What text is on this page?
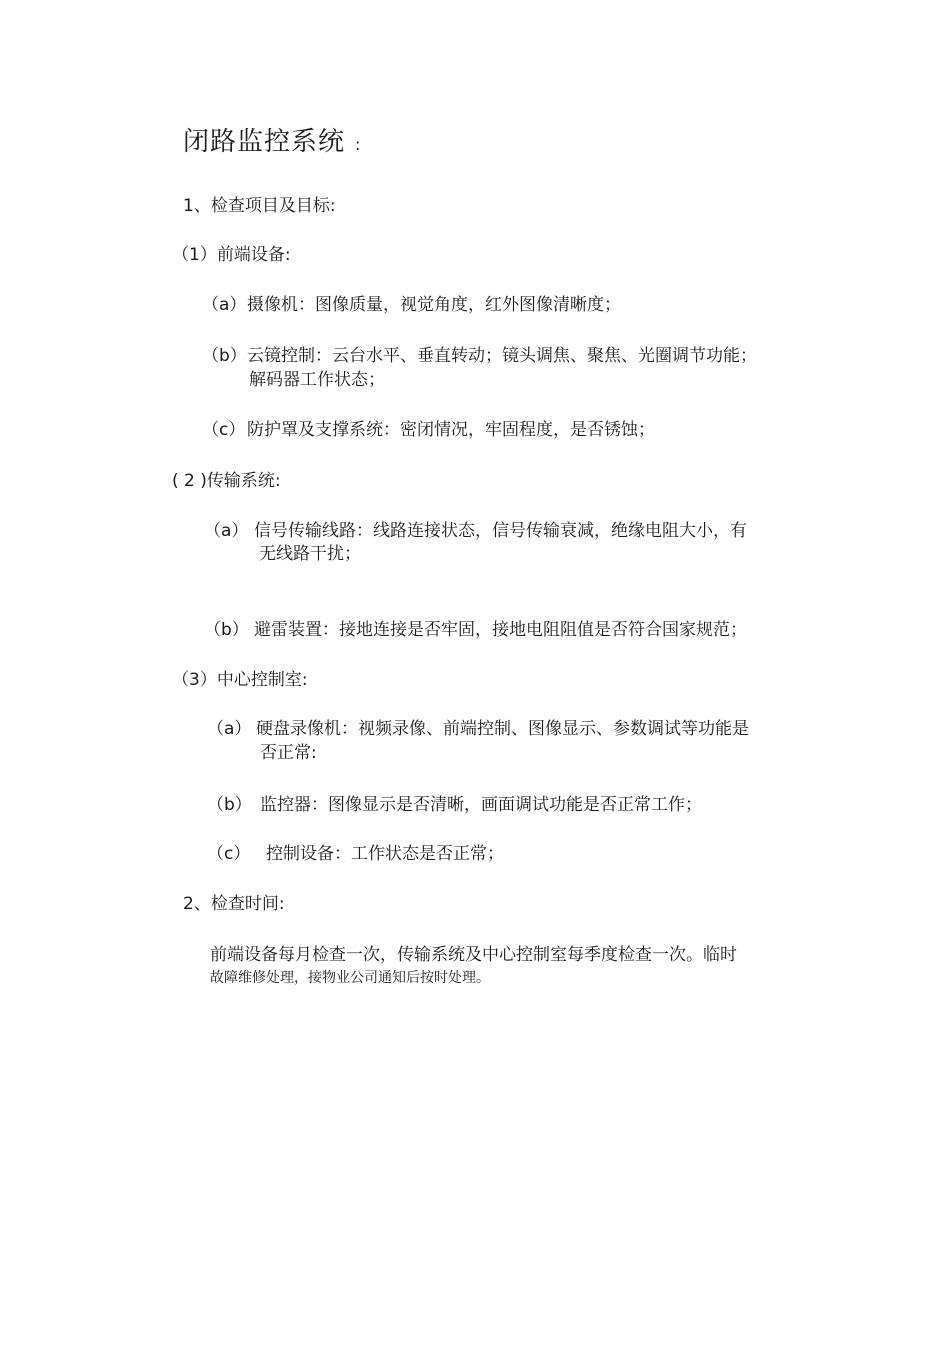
闭路监控系统 :
1、检查项目及目标:
（1）前端设备:
（a）摄像机：图像质量，视觉角度，红外图像清晰度；
（b）云镜控制：云台水平、垂直转动；镜头调焦、聚焦、光圈调节功能；
解码器工作状态；
（c）防护罩及支撑系统：密闭情况，牢固程度，是否锈蚀；
( 2 )传输系统:
（a） 信号传输线路：线路连接状态，信号传输衰减，绝缘电阻大小，有
无线路干扰；
（b） 避雷装置：接地连接是否牢固，接地电阻阻值是否符合国家规范；
（3）中心控制室:
（a） 硬盘录像机：视频录像、前端控制、图像显示、参数调试等功能是
否正常:
（b） 监控器：图像显示是否清晰，画面调试功能是否正常工作；
（c） 控制设备：工作状态是否正常；
2、检查时间:
前端设备每月检查一次，传输系统及中心控制室每季度检查一次。临时
故障维修处理，接物业公司通知后按时处理。
